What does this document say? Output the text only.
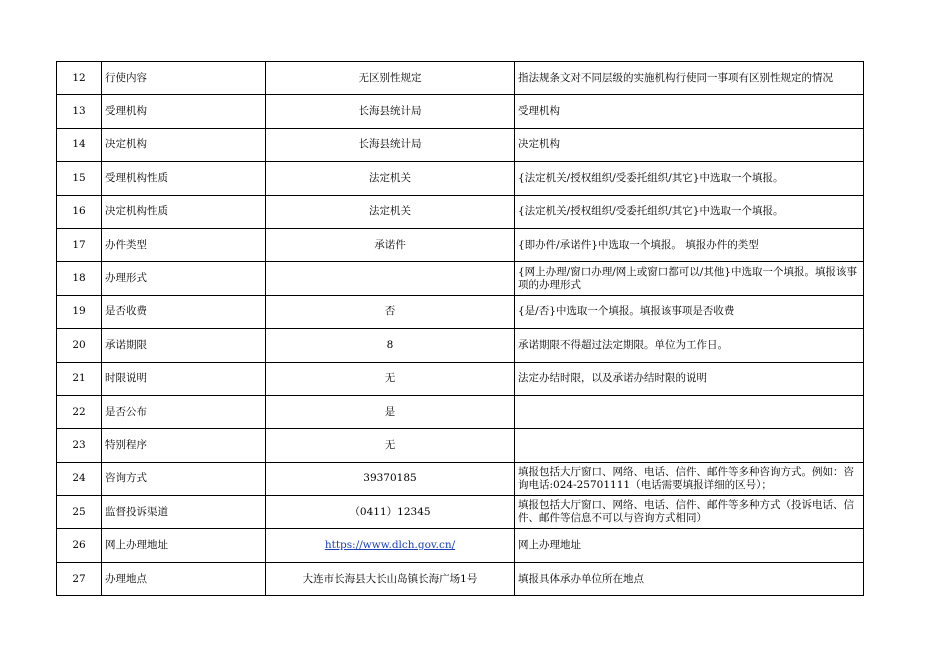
12	行使内容	无区别性规定	指法规条文对不同层级的实施机构行使同一事项有区别性规定的情况
13	受理机构	长海县统计局	受理机构
14	决定机构	长海县统计局	决定机构
15	受理机构性质	法定机关	{法定机关/授权组织/受委托组织/其它}中选取一个填报。
16	决定机构性质	法定机关	{法定机关/授权组织/受委托组织/其它}中选取一个填报。
17	办件类型	承诺件	{即办件/承诺件}中选取一个填报。 填报办件的类型
18	办理形式		{网上办理/窗口办理/网上或窗口都可以/其他}中选取一个填报。填报该事项的办理形式
19	是否收费	否	{是/否}中选取一个填报。填报该事项是否收费
20	承诺期限	8	承诺期限不得超过法定期限。单位为工作日。
21	时限说明	无	法定办结时限，以及承诺办结时限的说明
22	是否公布	是	
23	特别程序	无	
24	咨询方式	39370185	填报包括大厅窗口、网络、电话、信件、邮件等多种咨询方式。例如：咨询电话:024-25701111（电话需要填报详细的区号）；
25	监督投诉渠道	（0411）12345	填报包括大厅窗口、网络、电话、信件、邮件等多种方式（投诉电话、信件、邮件等信息不可以与咨询方式相同）
26	网上办理地址	https://www.dlch.gov.cn/	网上办理地址
27	办理地点	大连市长海县大长山岛镇长海广场1号	填报具体承办单位所在地点
